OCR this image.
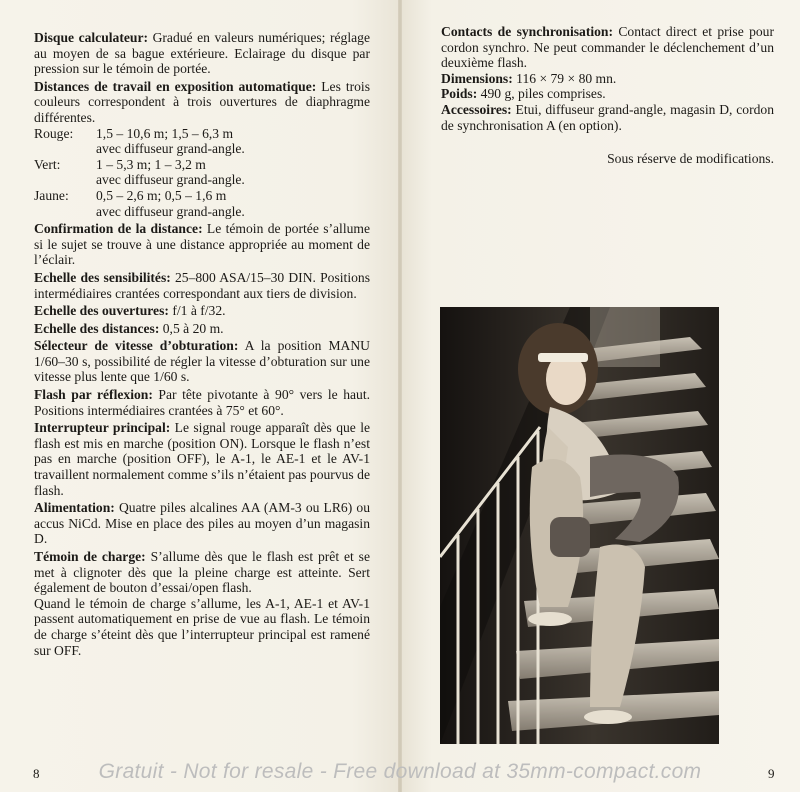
Disque calculateur: Gradué en valeurs numériques; réglage au moyen de sa bague extérieure. Eclairage du disque par pression sur le témoin de portée.

Distances de travail en exposition automatique: Les trois couleurs correspondent à trois ouvertures de diaphragme différentes.

Rouge:	1,5 – 10,6 m; 1,5 – 6,3 m
avec diffuseur grand-angle.
Vert:	1 – 5,3 m; 1 – 3,2 m
avec diffuseur grand-angle.
Jaune:	0,5 – 2,6 m; 0,5 – 1,6 m
avec diffuseur grand-angle.

Confirmation de la distance: Le témoin de portée s’allume si le sujet se trouve à une distance appropriée au moment de l’éclair.

Echelle des sensibilités: 25–800 ASA/15–30 DIN. Positions intermédiaires crantées correspondant aux tiers de division.

Echelle des ouvertures: f/1 à f/32.

Echelle des distances: 0,5 à 20 m.

Sélecteur de vitesse d’obturation: A la position MANU 1/60–30 s, possibilité de régler la vitesse d’obturation sur une vitesse plus lente que 1/60 s.

Flash par réflexion: Par tête pivotante à 90° vers le haut. Positions intermédiaires crantées à 75° et 60°.

Interrupteur principal: Le signal rouge apparaît dès que le flash est mis en marche (position ON). Lorsque le flash n’est pas en marche (position OFF), le A-1, le AE-1 et le AV-1 travaillent normalement comme s’ils n’étaient pas pourvus de flash.

Alimentation: Quatre piles alcalines AA (AM-3 ou LR6) ou accus NiCd. Mise en place des piles au moyen d’un magasin D.

Témoin de charge: S’allume dès que le flash est prêt et se met à clignoter dès que la pleine charge est atteinte. Sert également de bouton d’essai/open flash.

Quand le témoin de charge s’allume, les A-1, AE-1 et AV-1 passent automatiquement en prise de vue au flash. Le témoin de charge s’éteint dès que l’interrupteur principal est ramené sur OFF.

Contacts de synchronisation: Contact direct et prise pour cordon synchro. Ne peut commander le déclenchement d’un deuxième flash.

Dimensions: 116 × 79 × 80 mn.

Poids: 490 g, piles comprises.

Accessoires: Etui, diffuseur grand-angle, magasin D, cordon de synchronisation A (en option).

Sous réserve de modifications.

8	9
Gratuit - Not for resale - Free download at 35mm-compact.com
